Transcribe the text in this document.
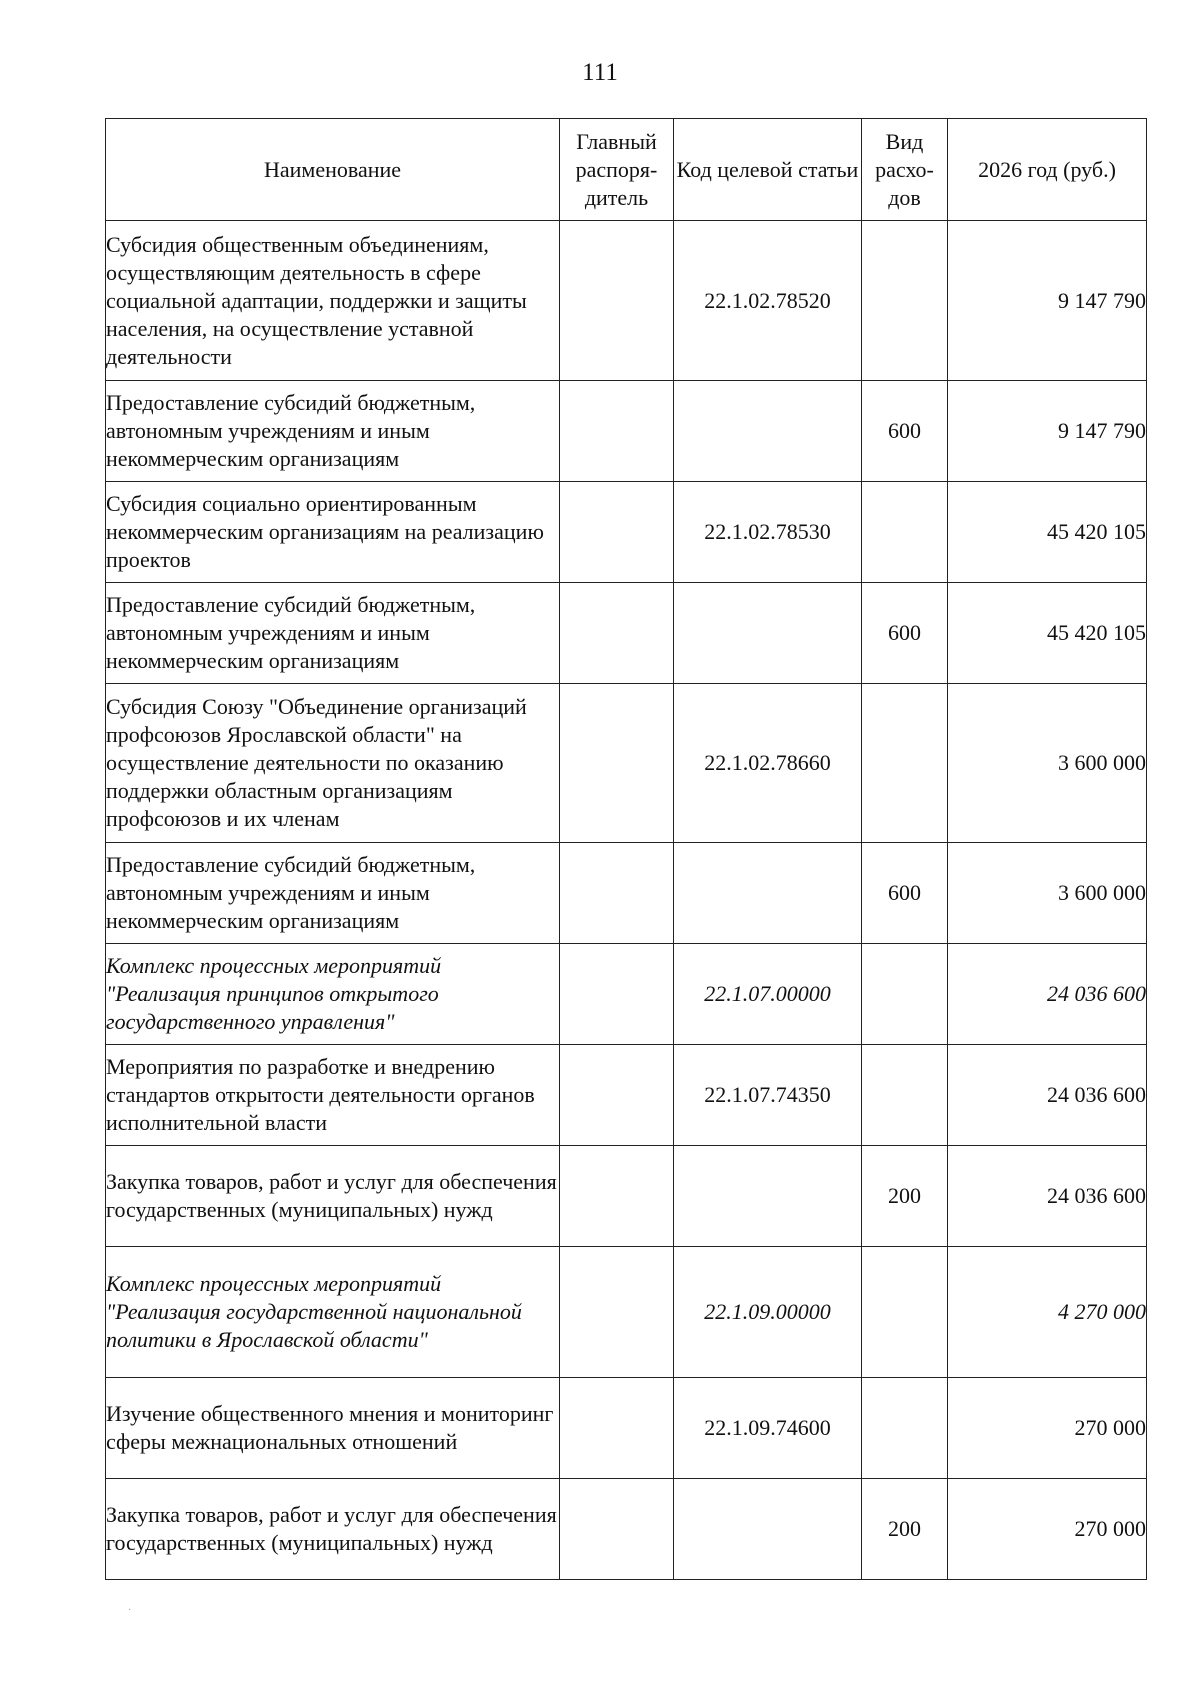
111
Наименование	Главный распоря-дитель	Код целевой статьи	Вид расхо-дов	2026 год (руб.)
Субсидия общественным объединениям, осуществляющим деятельность в сфере социальной адаптации, поддержки и защиты населения, на осуществление уставной деятельности		22.1.02.78520		9 147 790
Предоставление субсидий бюджетным, автономным учреждениям и иным некоммерческим организациям			600	9 147 790
Субсидия социально ориентированным некоммерческим организациям на реализацию проектов		22.1.02.78530		45 420 105
Предоставление субсидий бюджетным, автономным учреждениям и иным некоммерческим организациям			600	45 420 105
Субсидия Союзу "Объединение организаций профсоюзов Ярославской области" на осуществление деятельности по оказанию поддержки областным организациям профсоюзов и их членам		22.1.02.78660		3 600 000
Предоставление субсидий бюджетным, автономным учреждениям и иным некоммерческим организациям			600	3 600 000
Комплекс процессных мероприятий "Реализация принципов открытого государственного управления"		22.1.07.00000		24 036 600
Мероприятия по разработке и внедрению стандартов открытости деятельности органов исполнительной власти		22.1.07.74350		24 036 600
Закупка товаров, работ и услуг для обеспечения государственных (муниципальных) нужд			200	24 036 600
Комплекс процессных мероприятий "Реализация государственной национальной политики в Ярославской области"		22.1.09.00000		4 270 000
Изучение общественного мнения и мониторинг сферы межнациональных отношений		22.1.09.74600		270 000
Закупка товаров, работ и услуг для обеспечения государственных (муниципальных) нужд			200	270 000
·
